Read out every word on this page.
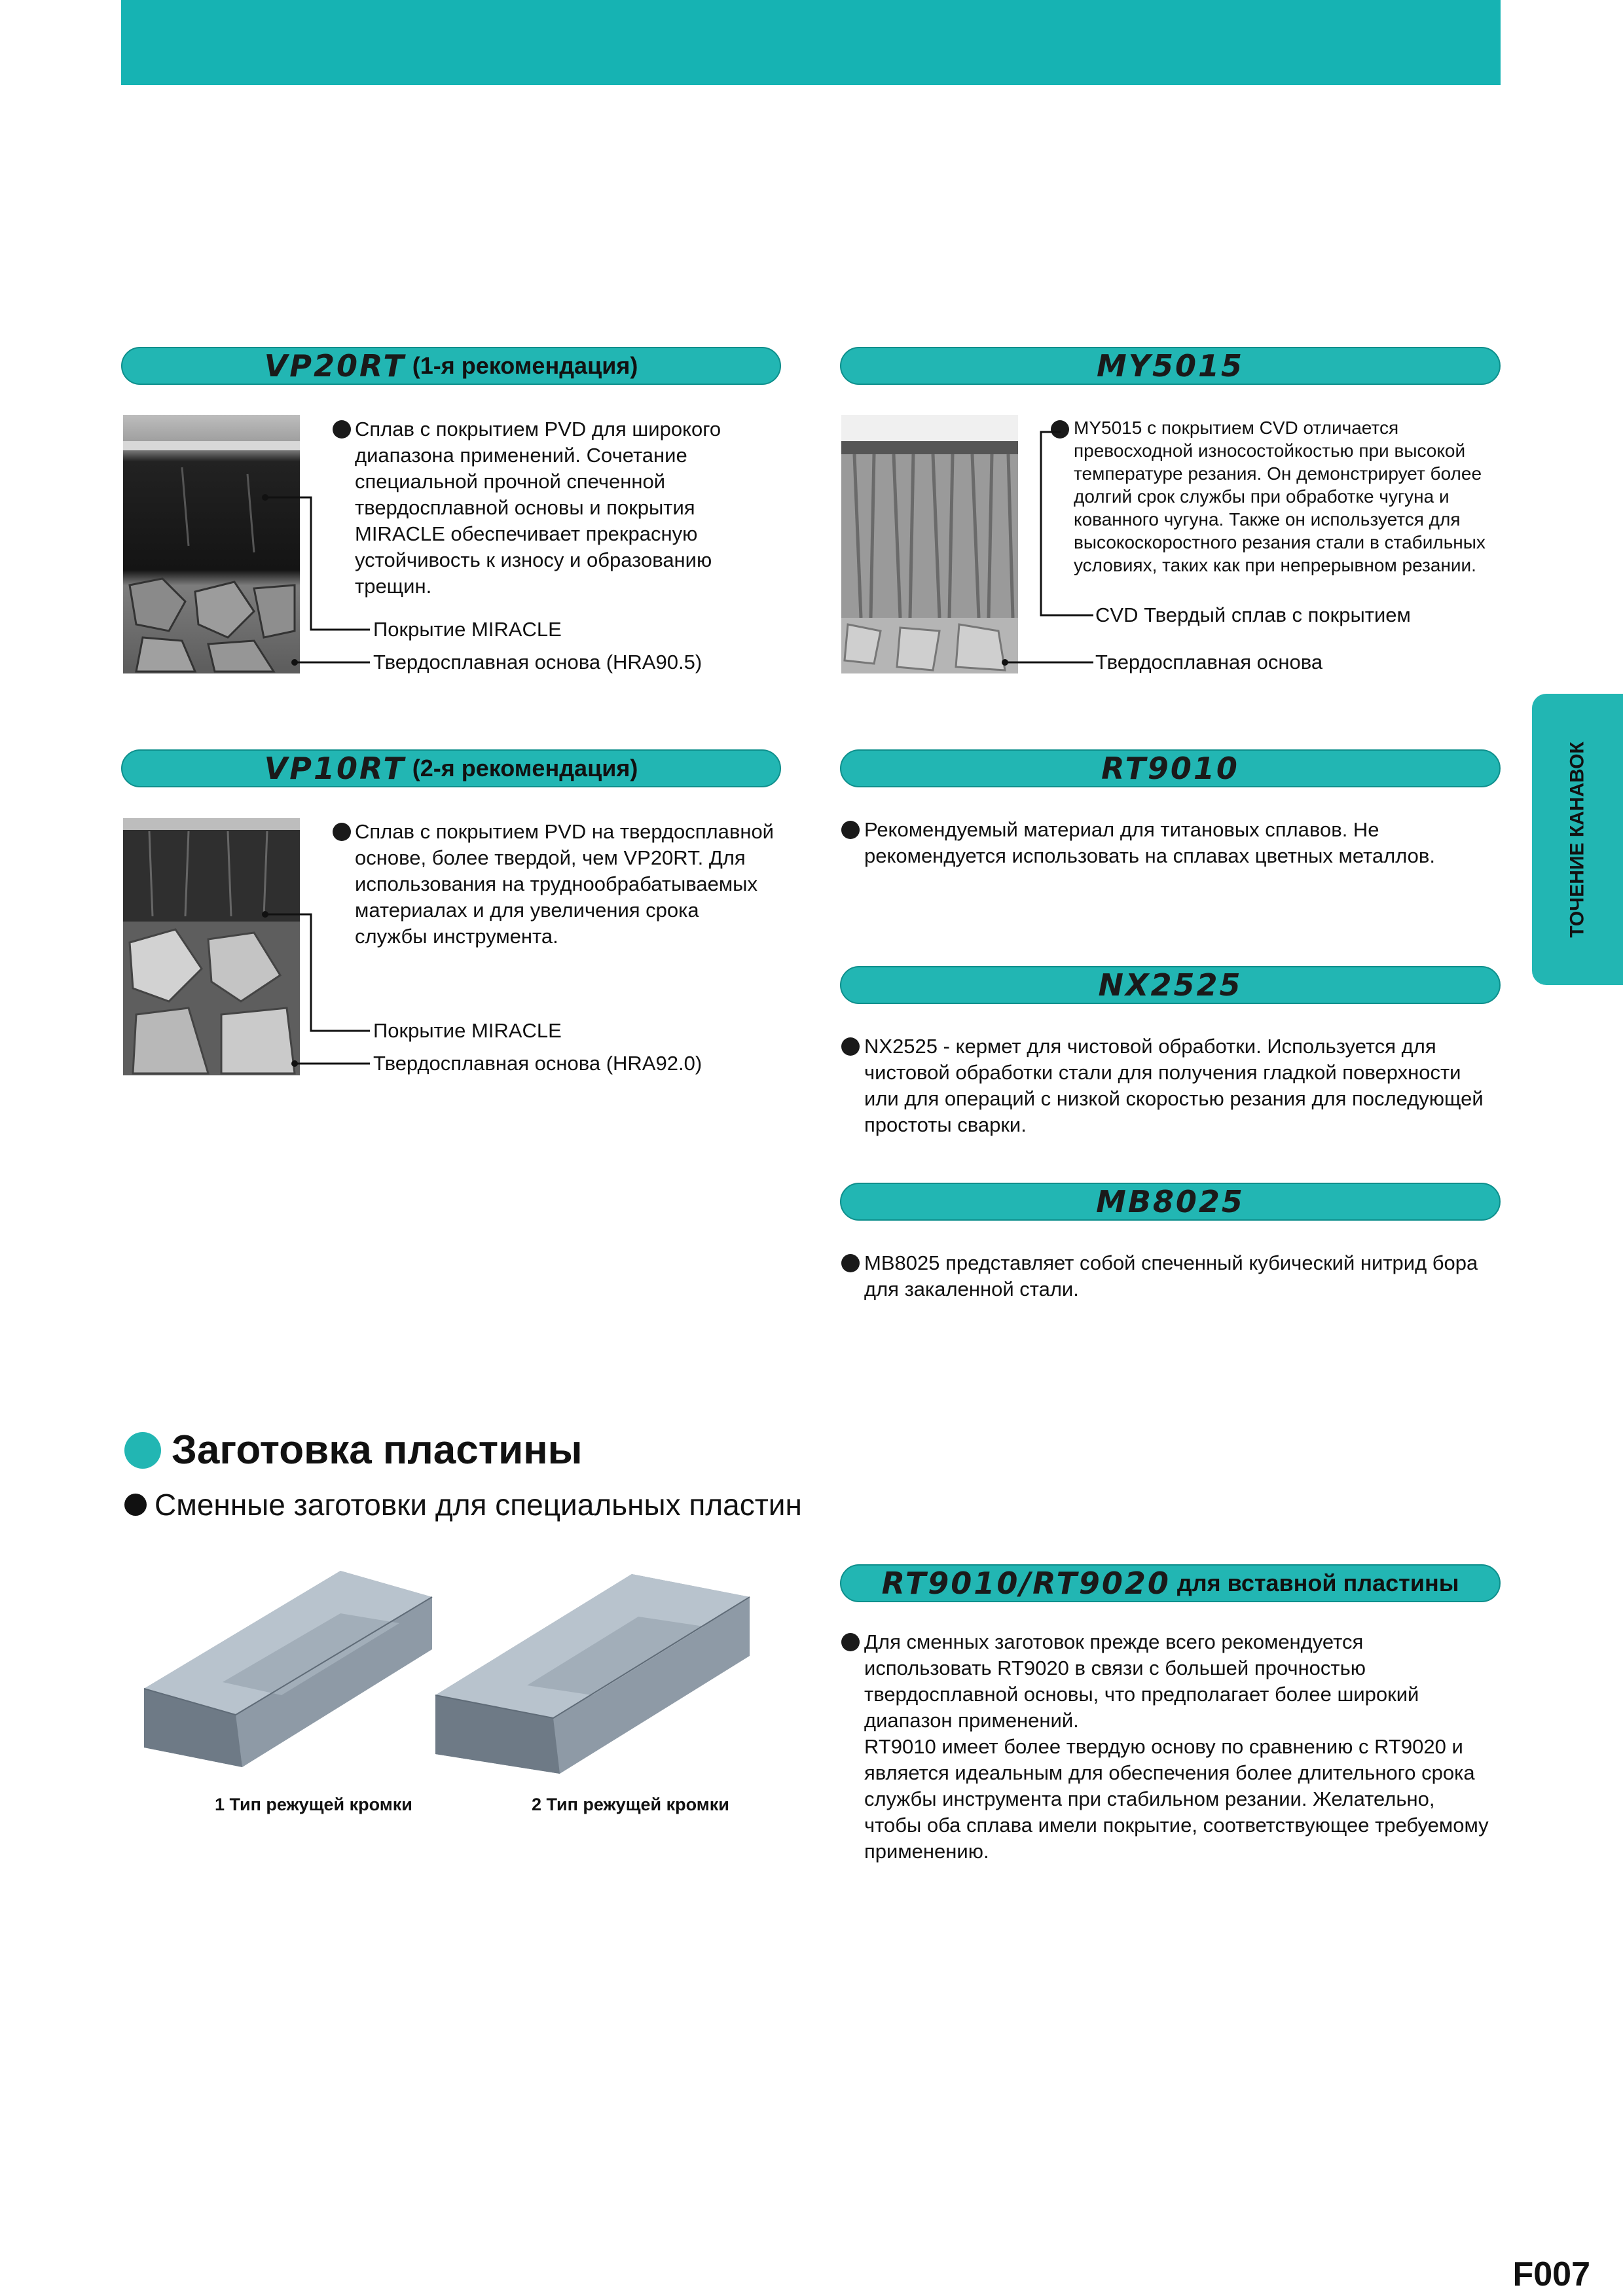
VP20RT (1-я рекомендация)
Сплав с покрытием PVD для широкого диапазона применений. Сочетание специальной прочной спеченной твердосплавной основы и покрытия MIRACLE обеспечивает прекрасную устойчивость к износу и образованию трещин.
Покрытие MIRACLE
Твердосплавная основа (HRA90.5)
MY5015
MY5015 с покрытием CVD отличается превосходной износостойкостью при высокой температуре резания. Он демонстрирует более долгий срок службы при обработке чугуна и кованного чугуна. Также он используется для высокоскоростного резания стали в стабильных условиях, таких как при непрерывном резании.
CVD Твердый сплав с покрытием
Твердосплавная основа
VP10RT (2-я рекомендация)
Сплав с покрытием PVD на твердосплавной основе, более твердой, чем VP20RT. Для использования на труднообрабатываемых материалах и для увеличения срока службы инструмента.
Покрытие MIRACLE
Твердосплавная основа (HRA92.0)
RT9010
Рекомендуемый материал для титановых сплавов. Не рекомендуется использовать на сплавах цветных металлов.
NX2525
NX2525 - кермет для чистовой обработки. Используется для чистовой обработки стали для получения гладкой поверхности или для операций с низкой скоростью резания для последующей простоты сварки.
MB8025
MB8025 представляет собой спеченный кубический нитрид бора для закаленной стали.
ТОЧЕНИЕ КАНАВОК
Заготовка пластины
Сменные заготовки для специальных пластин
1 Тип режущей кромки	2 Тип режущей кромки
RT9010/RT9020 для вставной пластины
Для сменных заготовок прежде всего рекомендуется использовать RT9020 в связи с большей прочностью твердосплавной основы, что предполагает более широкий диапазон применений.
RT9010 имеет более твердую основу по сравнению с RT9020 и является идеальным для обеспечения более длительного срока службы инструмента при стабильном резании. Желательно, чтобы оба сплава имели покрытие, соответствующее требуемому применению.
F007
